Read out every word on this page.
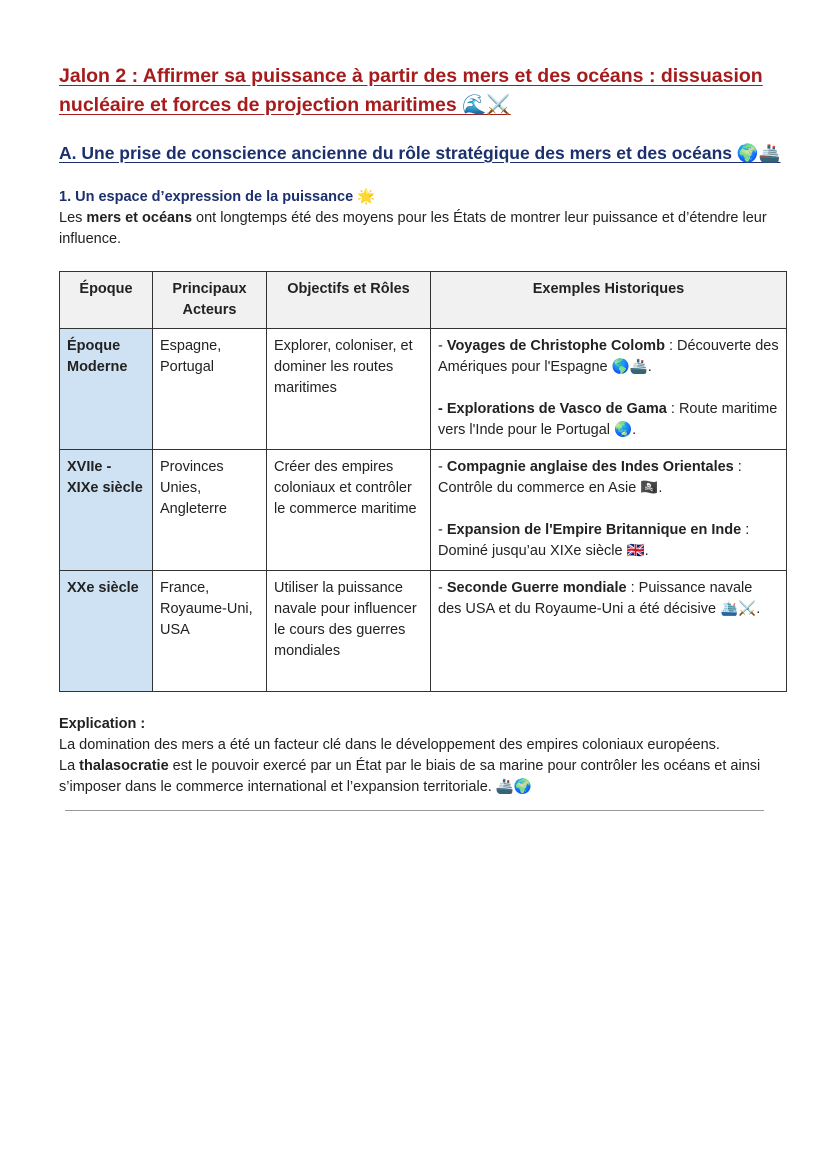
Jalon 2 : Affirmer sa puissance à partir des mers et des océans : dissuasion nucléaire et forces de projection maritimes 🌊⚔️
A. Une prise de conscience ancienne du rôle stratégique des mers et des océans 🌍🚢
1. Un espace d’expression de la puissance 🌟
Les mers et océans ont longtemps été des moyens pour les États de montrer leur puissance et d’étendre leur influence.
Époque	Principaux Acteurs	Objectifs et Rôles	Exemples Historiques
Époque Moderne	Espagne, Portugal	Explorer, coloniser, et dominer les routes maritimes	- Voyages de Christophe Colomb : Découverte des Amériques pour l'Espagne 🌎🚢.
- Explorations de Vasco de Gama : Route maritime vers l'Inde pour le Portugal 🌏.
XVIIe - XIXe siècle	Provinces Unies, Angleterre	Créer des empires coloniaux et contrôler le commerce maritime	- Compagnie anglaise des Indes Orientales : Contrôle du commerce en Asie 🏴‍☠️.
- Expansion de l'Empire Britannique en Inde : Dominé jusqu’au XIXe siècle 🇬🇧.
XXe siècle	France, Royaume-Uni, USA	Utiliser la puissance navale pour influencer le cours des guerres mondiales	- Seconde Guerre mondiale : Puissance navale des USA et du Royaume-Uni a été décisive 🛳️⚔️.
Explication :
La domination des mers a été un facteur clé dans le développement des empires coloniaux européens.
La thalasocratie est le pouvoir exercé par un État par le biais de sa marine pour contrôler les océans et ainsi s’imposer dans le commerce international et l’expansion territoriale. 🚢🌍
